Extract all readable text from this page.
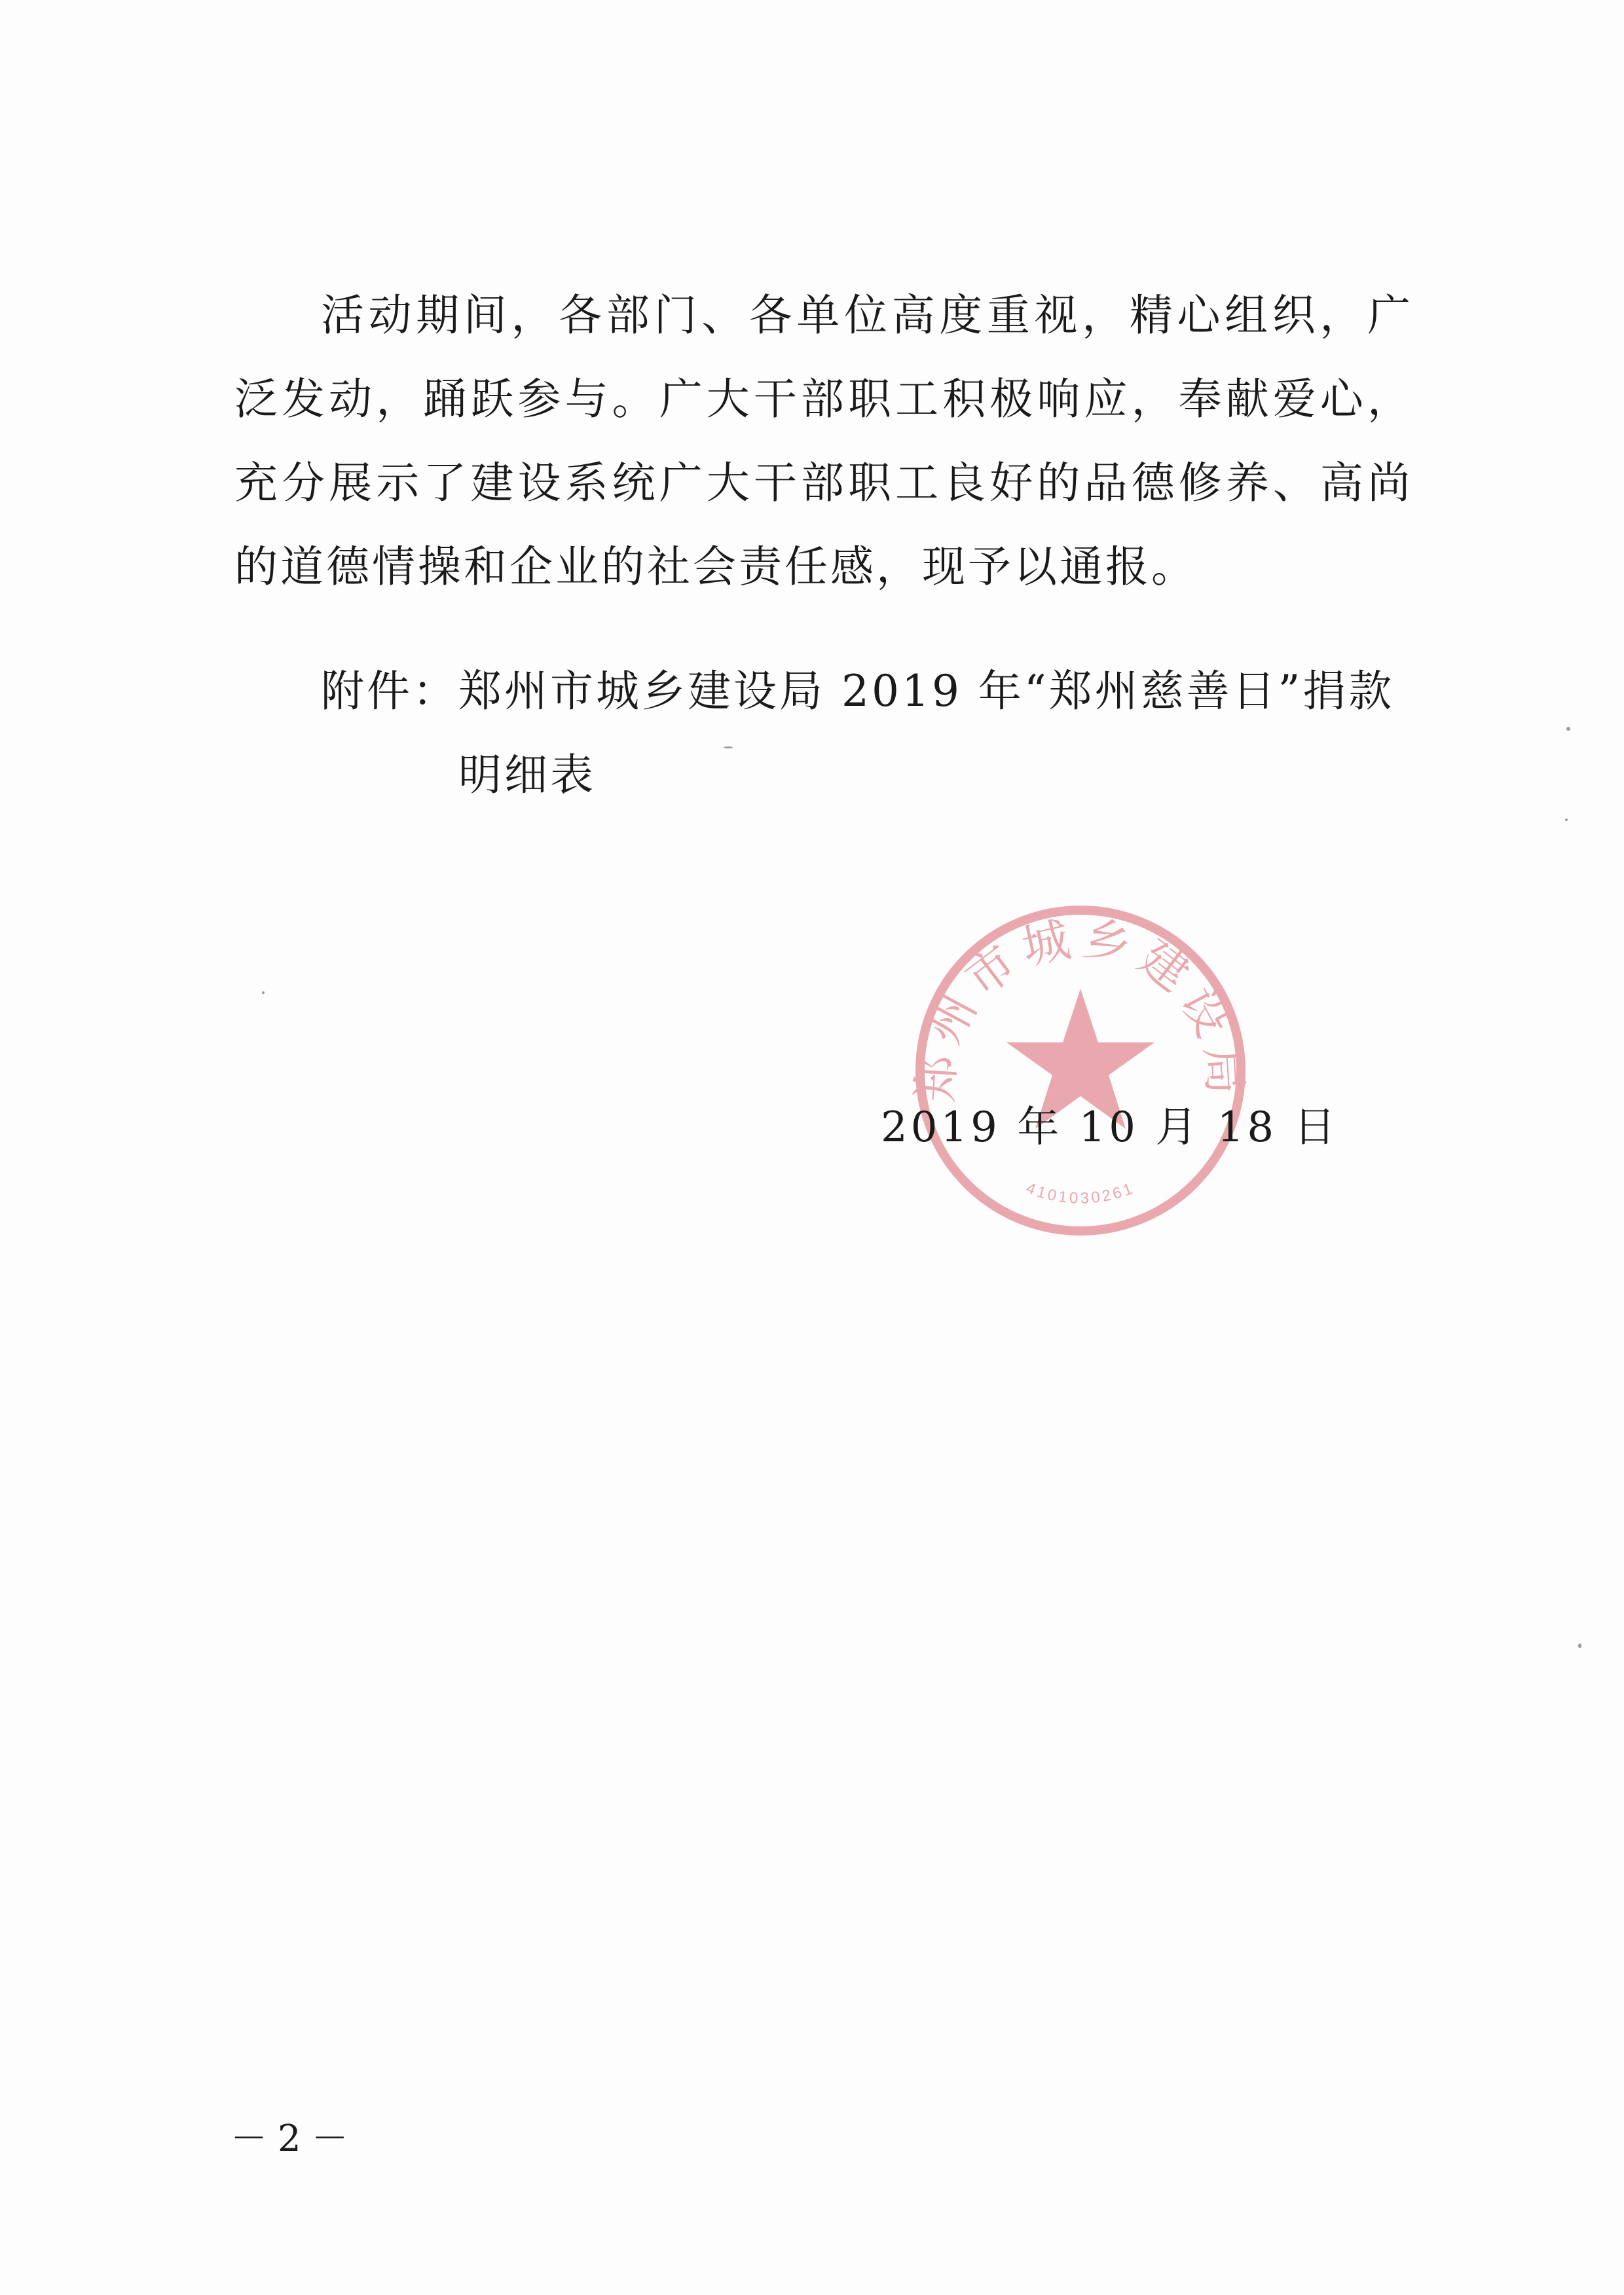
活动期间，各部门、各单位高度重视，精心组织，广泛发动，踊跃参与。广大干部职工积极响应，奉献爱心，充分展示了建设系统广大干部职工良好的品德修养、高尚的道德情操和企业的社会责任感，现予以通报。

附件： 郑州市城乡建设局 2019 年“郑州慈善日”捐款明细表
郑州市城乡建设局
4101030261
2019 年 10 月 18 日
－2－
